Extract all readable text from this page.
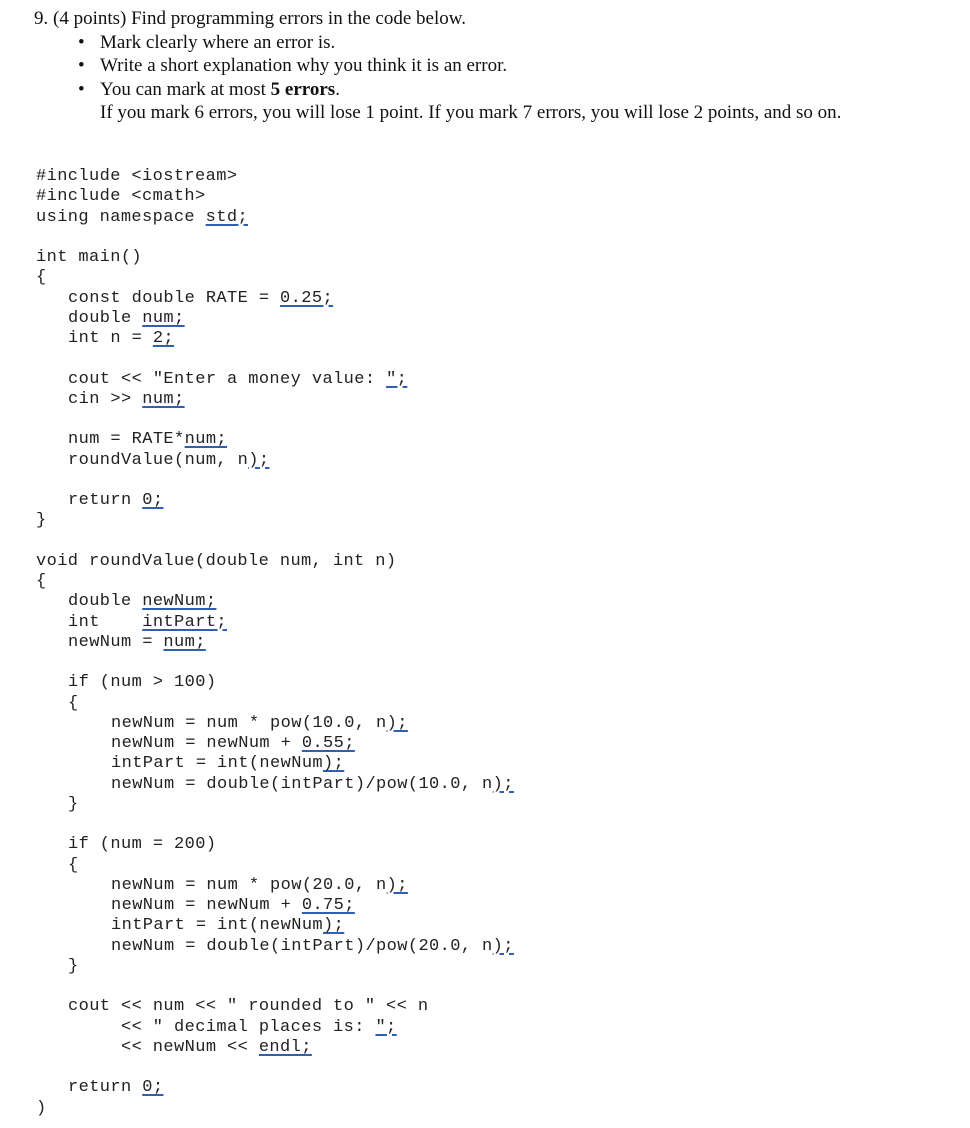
9. (4 points) Find programming errors in the code below.
• Mark clearly where an error is.
• Write a short explanation why you think it is an error.
• You can mark at most 5 errors.
If you mark 6 errors, you will lose 1 point. If you mark 7 errors, you will lose 2 points, and so on.
#include <iostream>
#include <cmath>
using namespace std;
int main()
{
const double RATE = 0.25;
double num;
int n = 2;
cout << "Enter a money value: ";
cin >> num;
num = RATE*num;
roundValue(num, n);
return 0;
}
void roundValue(double num, int n)
{
double newNum;
int    intPart;
newNum = num;
if (num > 100)
{
newNum = num * pow(10.0, n);
newNum = newNum + 0.55;
intPart = int(newNum);
newNum = double(intPart)/pow(10.0, n);
}
if (num = 200)
{
newNum = num * pow(20.0, n);
newNum = newNum + 0.75;
intPart = int(newNum);
newNum = double(intPart)/pow(20.0, n);
}
cout << num << " rounded to " << n
<< " decimal places is: ";
<< newNum << endl;
return 0;
)
